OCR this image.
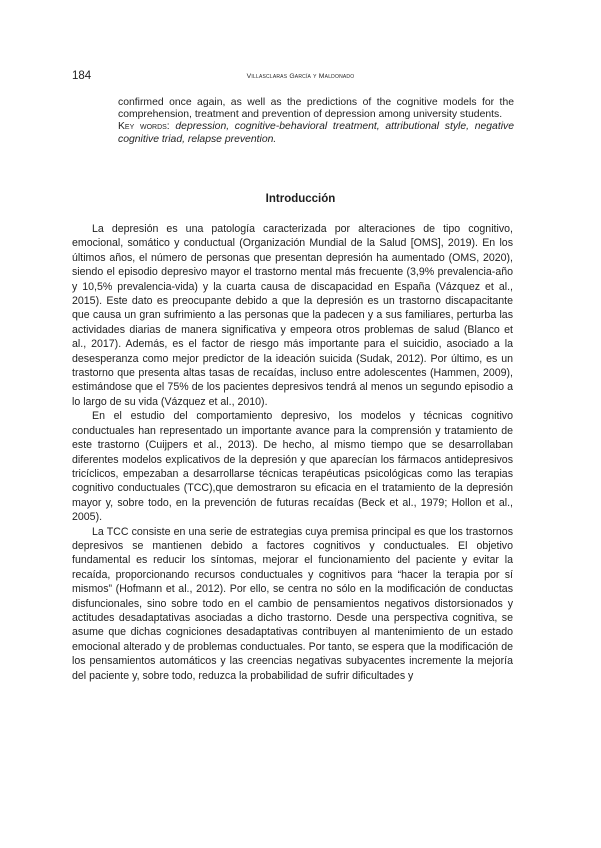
184	Villasclaras García y Maldonado

confirmed once again, as well as the predictions of the cognitive models for the comprehension, treatment and prevention of depression among university students.

Key words: depression, cognitive-behavioral treatment, attributional style, negative cognitive triad, relapse prevention.

Introducción

La depresión es una patología caracterizada por alteraciones de tipo cognitivo, emocional, somático y conductual (Organización Mundial de la Salud [OMS], 2019). En los últimos años, el número de personas que presentan depresión ha aumentado (OMS, 2020), siendo el episodio depresivo mayor el trastorno mental más frecuente (3,9% prevalencia-año y 10,5% prevalencia-vida) y la cuarta causa de discapacidad en España (Vázquez et al., 2015). Este dato es preocupante debido a que la depresión es un trastorno discapacitante que causa un gran sufrimiento a las personas que la padecen y a sus familiares, perturba las actividades diarias de manera significativa y empeora otros problemas de salud (Blanco et al., 2017). Además, es el factor de riesgo más importante para el suicidio, asociado a la desesperanza como mejor predictor de la ideación suicida (Sudak, 2012). Por último, es un trastorno que presenta altas tasas de recaídas, incluso entre adolescentes (Hammen, 2009), estimándose que el 75% de los pacientes depresivos tendrá al menos un segundo episodio a lo largo de su vida (Vázquez et al., 2010).

En el estudio del comportamiento depresivo, los modelos y técnicas cognitivo conductuales han representado un importante avance para la comprensión y tratamiento de este trastorno (Cuijpers et al., 2013). De hecho, al mismo tiempo que se desarrollaban diferentes modelos explicativos de la depresión y que aparecían los fármacos antidepresivos tricíclicos, empezaban a desarrollarse técnicas terapéuticas psicológicas como las terapias cognitivo conductuales (TCC),que demostraron su eficacia en el tratamiento de la depresión mayor y, sobre todo, en la prevención de futuras recaídas (Beck et al., 1979; Hollon et al., 2005).

La TCC consiste en una serie de estrategias cuya premisa principal es que los trastornos depresivos se mantienen debido a factores cognitivos y conductuales. El objetivo fundamental es reducir los síntomas, mejorar el funcionamiento del paciente y evitar la recaída, proporcionando recursos conductuales y cognitivos para “hacer la terapia por sí mismos” (Hofmann et al., 2012). Por ello, se centra no sólo en la modificación de conductas disfuncionales, sino sobre todo en el cambio de pensamientos negativos distorsionados y actitudes desadaptativas asociadas a dicho trastorno. Desde una perspectiva cognitiva, se asume que dichas cogniciones desadaptativas contribuyen al mantenimiento de un estado emocional alterado y de problemas conductuales. Por tanto, se espera que la modificación de los pensamientos automáticos y las creencias negativas subyacentes incremente la mejoría del paciente y, sobre todo, reduzca la probabilidad de sufrir dificultades y
